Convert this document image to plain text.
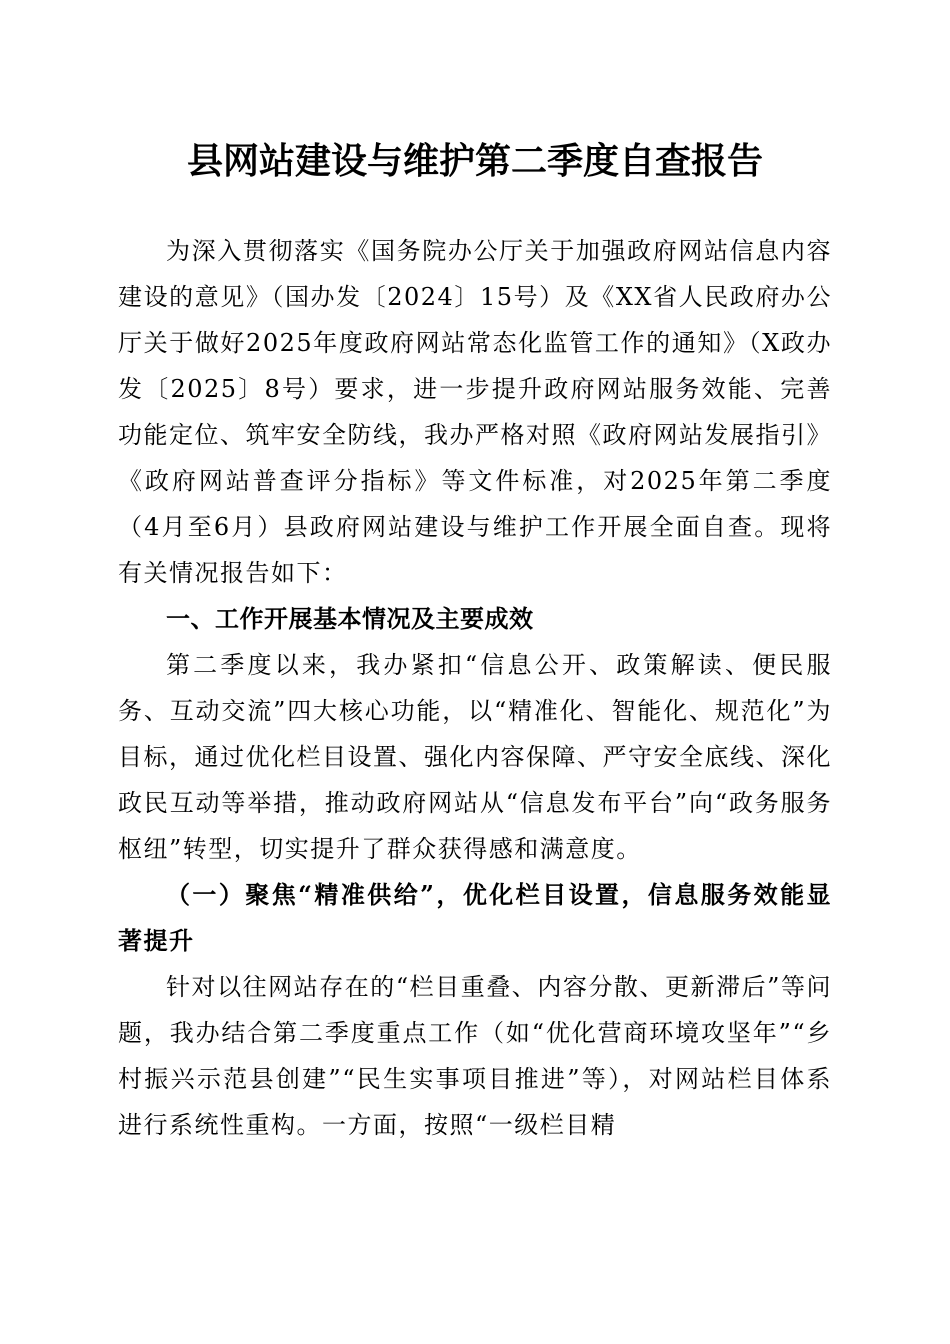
县网站建设与维护第二季度自查报告

为深入贯彻落实《国务院办公厅关于加强政府网站信息内容建设的意见》（国办发〔2024〕15号）及《XX省人民政府办公厅关于做好2025年度政府网站常态化监管工作的通知》（X政办发〔2025〕8号）要求，进一步提升政府网站服务效能、完善功能定位、筑牢安全防线，我办严格对照《政府网站发展指引》《政府网站普查评分指标》等文件标准，对2025年第二季度（4月至6月）县政府网站建设与维护工作开展全面自查。现将有关情况报告如下：

一、工作开展基本情况及主要成效

第二季度以来，我办紧扣“信息公开、政策解读、便民服务、互动交流”四大核心功能，以“精准化、智能化、规范化”为目标，通过优化栏目设置、强化内容保障、严守安全底线、深化政民互动等举措，推动政府网站从“信息发布平台”向“政务服务枢纽”转型，切实提升了群众获得感和满意度。

（一）聚焦“精准供给”，优化栏目设置，信息服务效能显著提升

针对以往网站存在的“栏目重叠、内容分散、更新滞后”等问题，我办结合第二季度重点工作（如“优化营商环境攻坚年”“乡村振兴示范县创建”“民生实事项目推进”等），对网站栏目体系进行系统性重构。一方面，按照“一级栏目精
